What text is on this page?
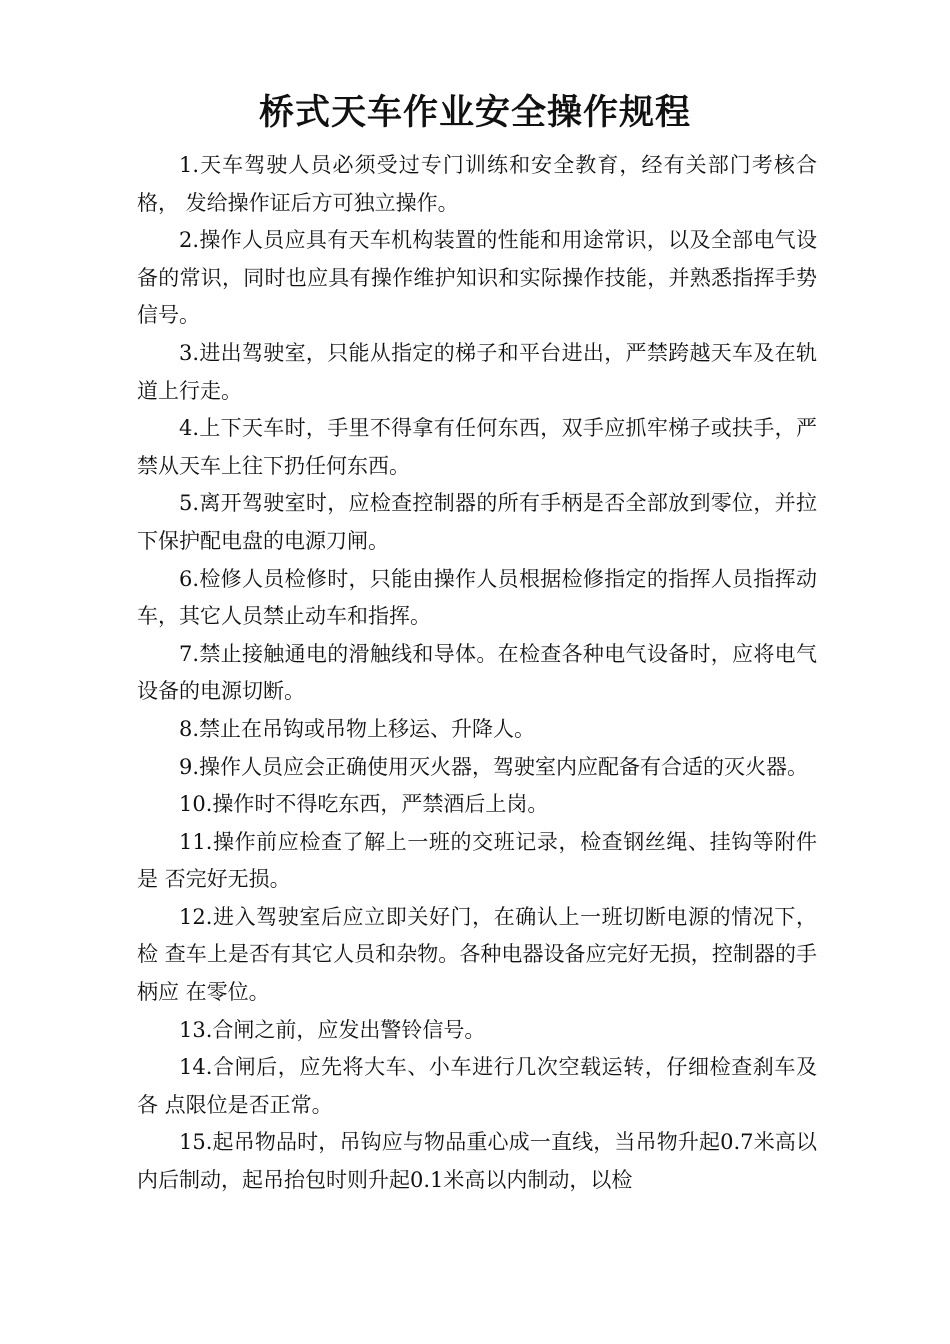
桥式天车作业安全操作规程

1.天车驾驶人员必须受过专门训练和安全教育，经有关部门考核合格， 发给操作证后方可独立操作。

2.操作人员应具有天车机构装置的性能和用途常识，以及全部电气设 备的常识，同时也应具有操作维护知识和实际操作技能，并熟悉指挥手势信号。

3.进出驾驶室，只能从指定的梯子和平台进出，严禁跨越天车及在轨 道上行走。

4.上下天车时，手里不得拿有任何东西，双手应抓牢梯子或扶手，严 禁从天车上往下扔任何东西。

5.离开驾驶室时，应检查控制器的所有手柄是否全部放到零位，并拉 下保护配电盘的电源刀闸。

6.检修人员检修时，只能由操作人员根据检修指定的指挥人员指挥动 车，其它人员禁止动车和指挥。

7.禁止接触通电的滑触线和导体。在检查各种电气设备时，应将电气 设备的电源切断。

8.禁止在吊钩或吊物上移运、升降人。

9.操作人员应会正确使用灭火器，驾驶室内应配备有合适的灭火器。

10.操作时不得吃东西，严禁酒后上岗。

11.操作前应检查了解上一班的交班记录，检查钢丝绳、挂钩等附件是 否完好无损。

12.进入驾驶室后应立即关好门，在确认上一班切断电源的情况下，检 查车上是否有其它人员和杂物。各种电器设备应完好无损，控制器的手柄应 在零位。

13.合闸之前，应发出警铃信号。

14.合闸后，应先将大车、小车进行几次空载运转，仔细检查刹车及各 点限位是否正常。

15.起吊物品时，吊钩应与物品重心成一直线，当吊物升起0.7米高以内后制动，起吊抬包时则升起0.1米高以内制动，以检
